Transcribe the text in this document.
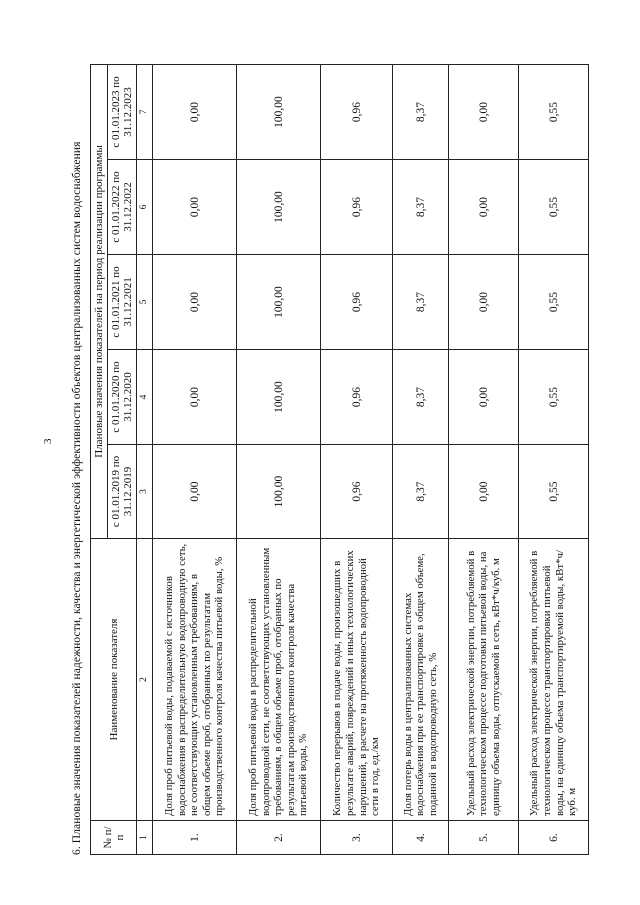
3 6. Плановые значения показателей надежности, качества и энергетической эффективности объектов централизованных систем водоснабжения № п/п	Наименование показателя	Плановые значения показателей на период реализации программы				
		с 01.01.2019 по 31.12.2019	с 01.01.2020 по 31.12.2020	с 01.01.2021 по 31.12.2021	с 01.01.2022 по 31.12.2022	с 01.01.2023 по 31.12.2023
1	2	3	4	5	6	7
1.	Доля проб питьевой воды, подаваемой с источников водоснабжения в распределительную водопроводную сеть, не соответствующих установленным требованиям, в общем объеме проб, отобранных по результатам производственного контроля качества питьевой воды, %	0,00	0,00	0,00	0,00	0,00
2.	Доля проб питьевой воды в распределительной водопроводной сети, не соответствующих установленным требованиям, в общем объеме проб, отобранных по результатам производственного контроля качества питьевой воды, %	100,00	100,00	100,00	100,00	100,00
3.	Количество перерывов в подаче воды, произошедших в результате аварий, повреждений и иных технологических нарушений, в расчете на протяженность водопроводной сети в год, ед./км	0,96	0,96	0,96	0,96	0,96
4.	Доля потерь воды в централизованных системах водоснабжения при ее транспортировке в общем объеме, поданной в водопроводную сеть, %	8,37	8,37	8,37	8,37	8,37
5.	Удельный расход электрической энергии, потребляемой в технологическом процессе подготовки питьевой воды, на единицу объема воды, отпускаемой в сеть, кВт*ч/куб. м	0,00	0,00	0,00	0,00	0,00
6.	Удельный расход электрической энергии, потребляемой в технологическом процессе транспортировки питьевой воды, на единицу объема транспортируемой воды, кВт*ч/куб. м	0,55	0,55	0,55	0,55	0,55
